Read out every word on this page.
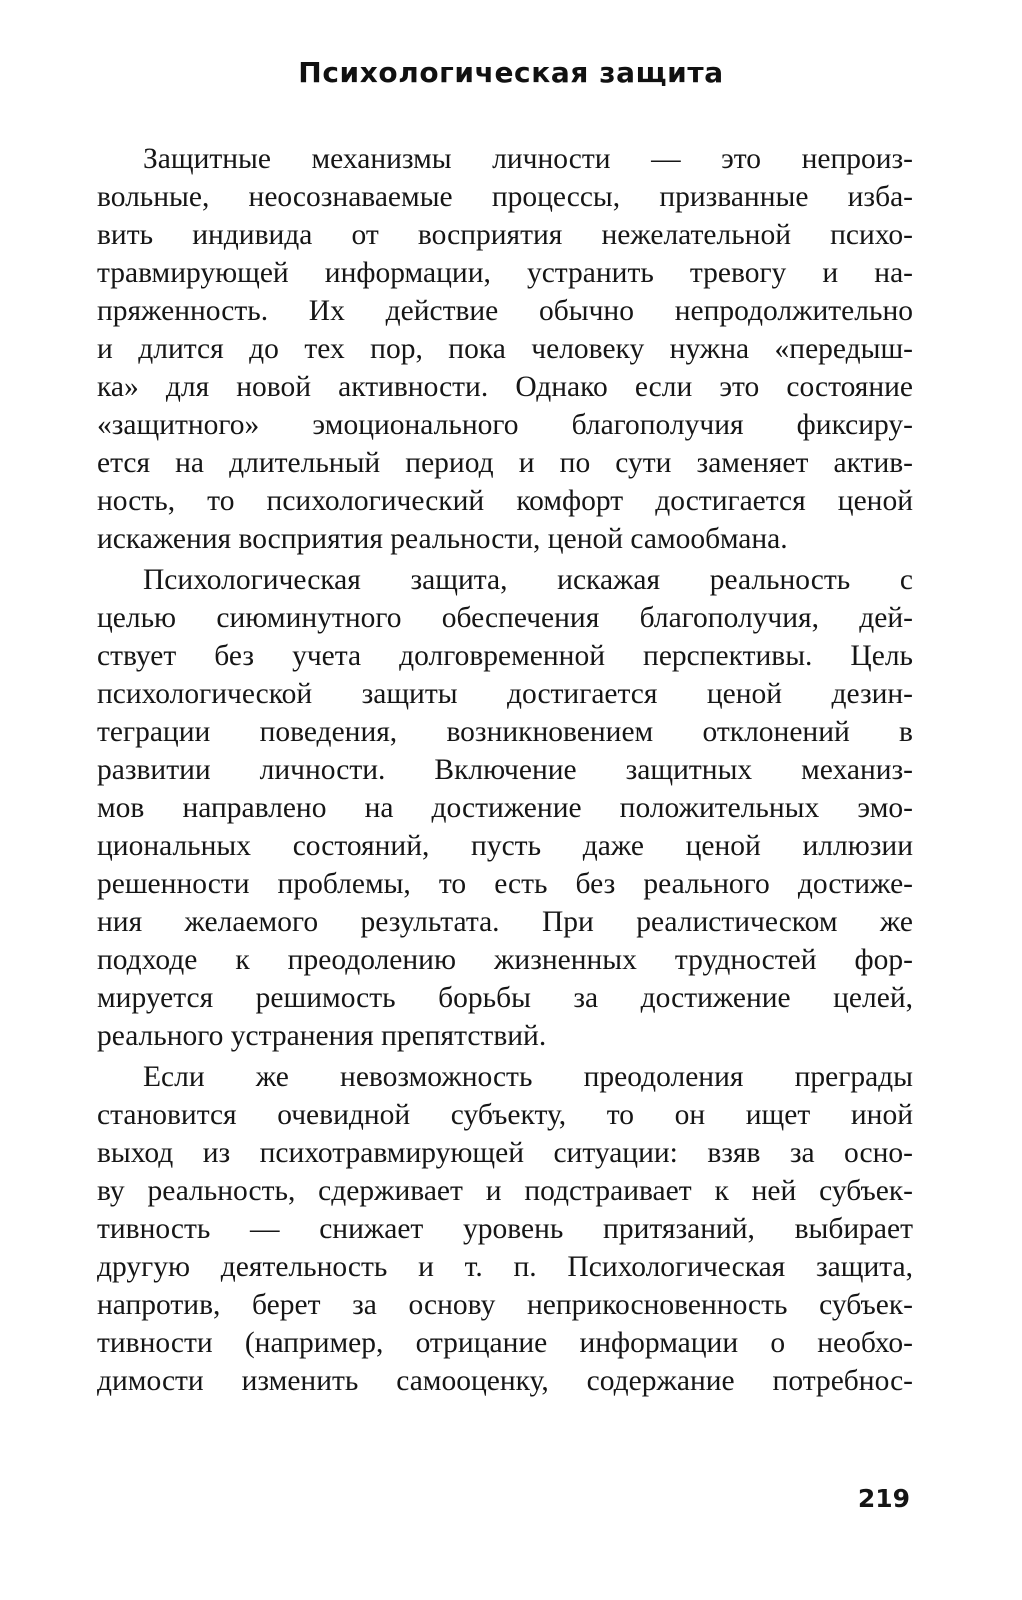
Психологическая защита
Защитные механизмы личности — это непроиз-
вольные, неосознаваемые процессы, призванные изба-
вить индивида от восприятия нежелательной психо-
травмирующей информации, устранить тревогу и на-
пряженность. Их действие обычно непродолжительно
и длится до тех пор, пока человеку нужна «передыш-
ка» для новой активности. Однако если это состояние
«защитного» эмоционального благополучия фиксиру-
ется на длительный период и по сути заменяет актив-
ность, то психологический комфорт достигается ценой
искажения восприятия реальности, ценой самообмана.
Психологическая защита, искажая реальность с
целью сиюминутного обеспечения благополучия, дей-
ствует без учета долговременной перспективы. Цель
психологической защиты достигается ценой дезин-
теграции поведения, возникновением отклонений в
развитии личности. Включение защитных механиз-
мов направлено на достижение положительных эмо-
циональных состояний, пусть даже ценой иллюзии
решенности проблемы, то есть без реального достиже-
ния желаемого результата. При реалистическом же
подходе к преодолению жизненных трудностей фор-
мируется решимость борьбы за достижение целей,
реального устранения препятствий.
Если же невозможность преодоления преграды
становится очевидной субъекту, то он ищет иной
выход из психотравмирующей ситуации: взяв за осно-
ву реальность, сдерживает и подстраивает к ней субъек-
тивность — снижает уровень притязаний, выбирает
другую деятельность и т. п. Психологическая защита,
напротив, берет за основу неприкосновенность субъек-
тивности (например, отрицание информации о необхо-
димости изменить самооценку, содержание потребнос-
219
